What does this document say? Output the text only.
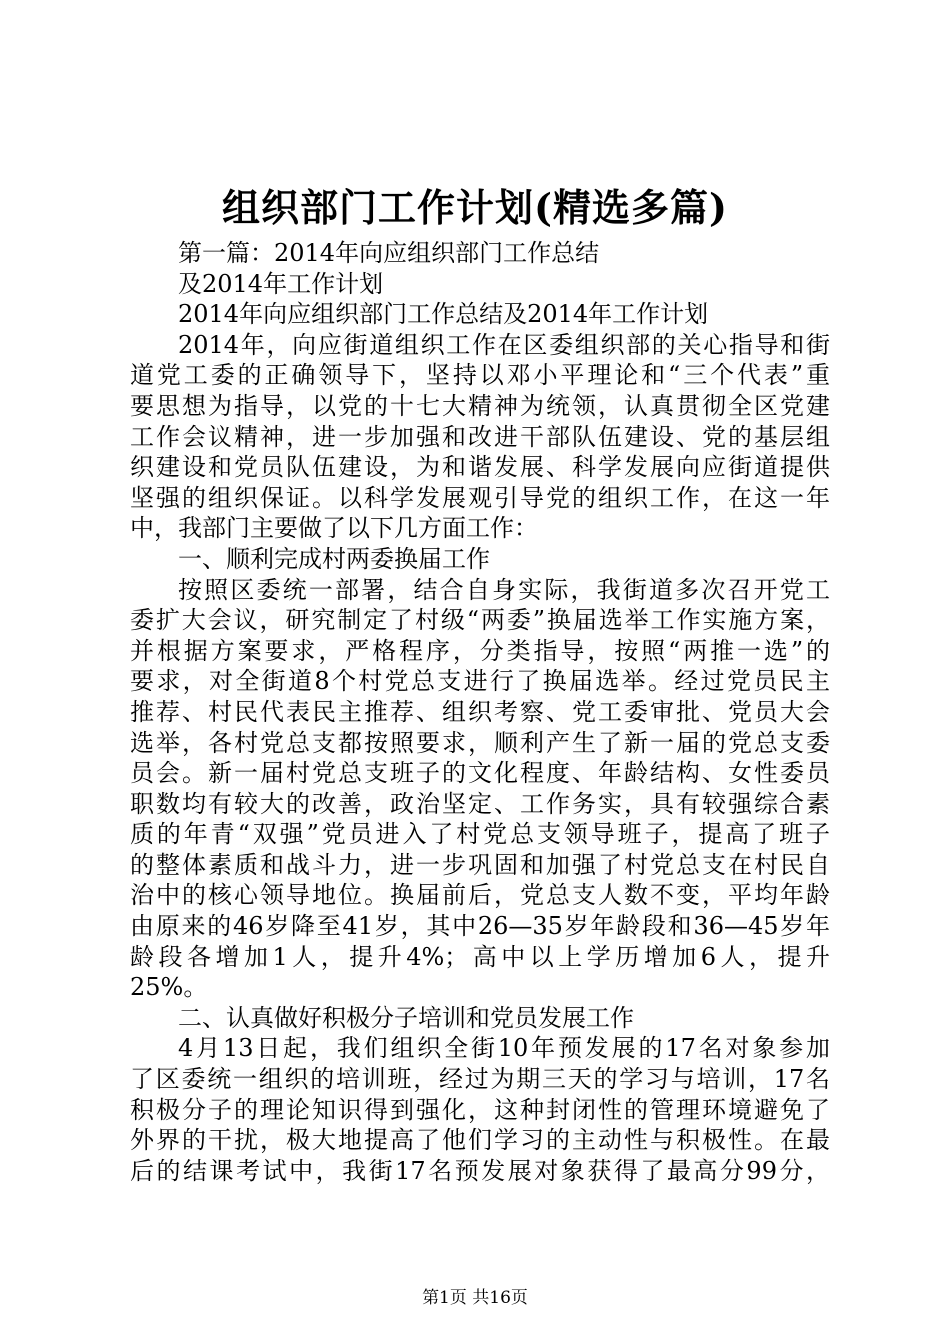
组织部门工作计划(精选多篇)
第一篇：2014年向应组织部门工作总结
及2014年工作计划
2014年向应组织部门工作总结及2014年工作计划
2014年，向应街道组织工作在区委组织部的关心指导和街
道党工委的正确领导下，坚持以邓小平理论和“三个代表”重
要思想为指导，以党的十七大精神为统领，认真贯彻全区党建
工作会议精神，进一步加强和改进干部队伍建设、党的基层组
织建设和党员队伍建设，为和谐发展、科学发展向应街道提供
坚强的组织保证。以科学发展观引导党的组织工作，在这一年
中，我部门主要做了以下几方面工作：
一、顺利完成村两委换届工作
按照区委统一部署，结合自身实际，我街道多次召开党工
委扩大会议，研究制定了村级“两委”换届选举工作实施方案，
并根据方案要求，严格程序，分类指导，按照“两推一选”的
要求，对全街道8个村党总支进行了换届选举。经过党员民主
推荐、村民代表民主推荐、组织考察、党工委审批、党员大会
选举，各村党总支都按照要求，顺利产生了新一届的党总支委
员会。新一届村党总支班子的文化程度、年龄结构、女性委员
职数均有较大的改善，政治坚定、工作务实，具有较强综合素
质的年青“双强”党员进入了村党总支领导班子，提高了班子
的整体素质和战斗力，进一步巩固和加强了村党总支在村民自
治中的核心领导地位。换届前后，党总支人数不变，平均年龄
由原来的46岁降至41岁，其中26—35岁年龄段和36—45岁年
龄段各增加1人，提升4%；高中以上学历增加6人，提升
25%。
二、认真做好积极分子培训和党员发展工作
4月13日起，我们组织全街10年预发展的17名对象参加
了区委统一组织的培训班，经过为期三天的学习与培训，17名
积极分子的理论知识得到强化，这种封闭性的管理环境避免了
外界的干扰，极大地提高了他们学习的主动性与积极性。在最
后的结课考试中，我街17名预发展对象获得了最高分99分，
第1页 共16页
